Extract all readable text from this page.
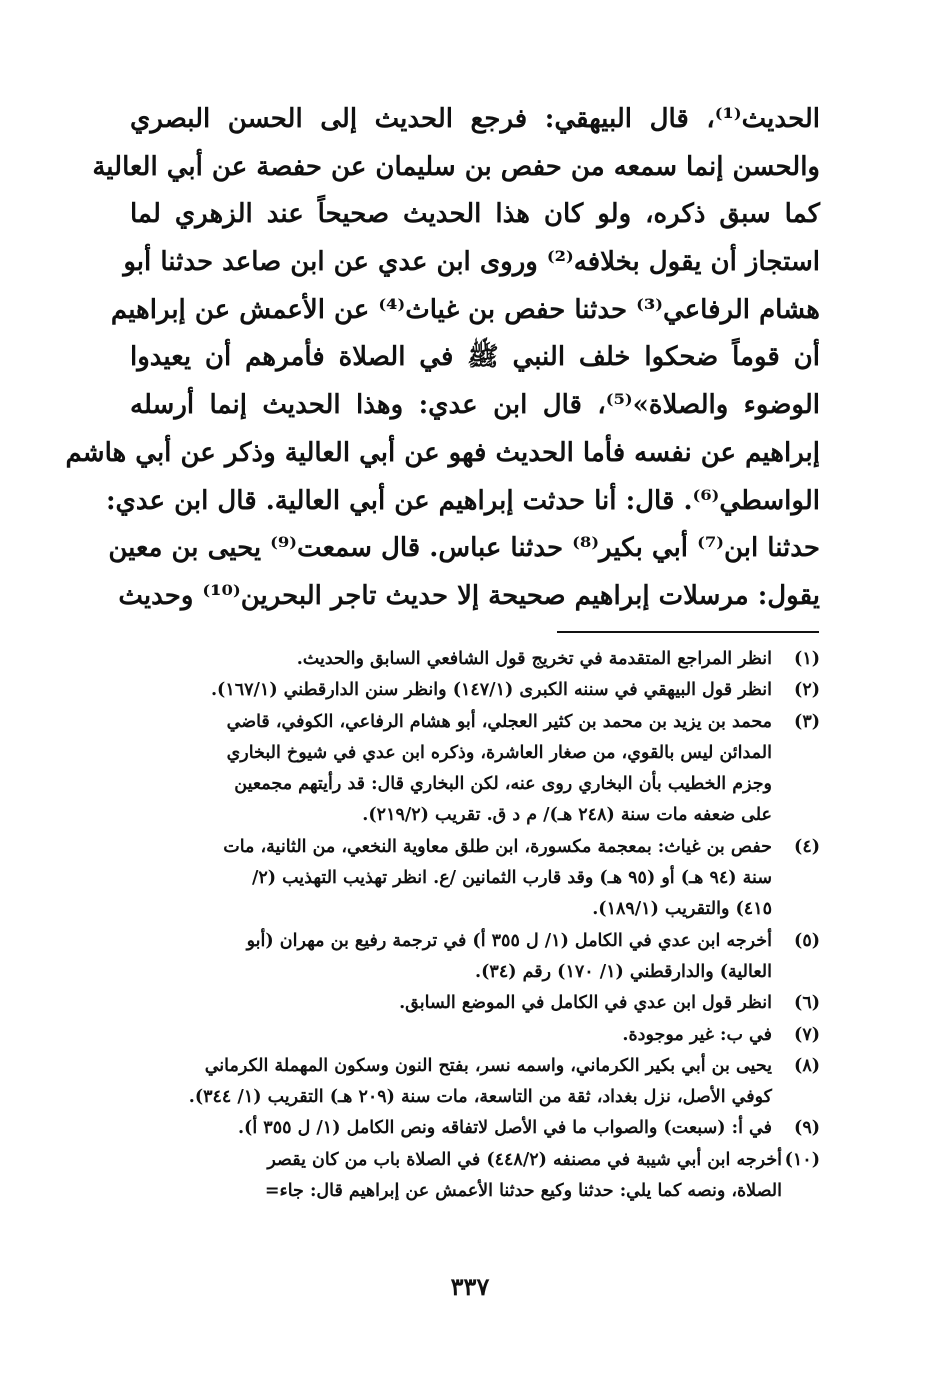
الحديث⁽¹⁾، قال البيهقي: فرجع الحديث إلى الحسن البصري
والحسن إنما سمعه من حفص بن سليمان عن حفصة عن أبي العالية
كما سبق ذكره، ولو كان هذا الحديث صحيحاً عند الزهري لما
استجاز أن يقول بخلافه⁽²⁾ وروى ابن عدي عن ابن صاعد حدثنا أبو
هشام الرفاعي⁽³⁾ حدثنا حفص بن غياث⁽⁴⁾ عن الأعمش عن إبراهيم
أن قوماً ضحكوا خلف النبي ﷺ في الصلاة فأمرهم أن يعيدوا
الوضوء والصلاة»⁽⁵⁾، قال ابن عدي: وهذا الحديث إنما أرسله
إبراهيم عن نفسه فأما الحديث فهو عن أبي العالية وذكر عن أبي هاشم
الواسطي⁽⁶⁾. قال: أنا حدثت إبراهيم عن أبي العالية. قال ابن عدي:
حدثنا ابن⁽⁷⁾ أبي بكير⁽⁸⁾ حدثنا عباس. قال سمعت⁽⁹⁾ يحيى بن معين
يقول: مرسلات إبراهيم صحيحة إلا حديث تاجر البحرين⁽¹⁰⁾ وحديث
(١)
انظر المراجع المتقدمة في تخريج قول الشافعي السابق والحديث.
(٢)
انظر قول البيهقي في سننه الكبرى (١٤٧/١) وانظر سنن الدارقطني (١٦٧/١).
(٣)
محمد بن يزيد بن محمد بن كثير العجلي، أبو هشام الرفاعي، الكوفي، قاضي
المدائن ليس بالقوي، من صغار العاشرة، وذكره ابن عدي في شيوخ البخاري
وجزم الخطيب بأن البخاري روى عنه، لكن البخاري قال: قد رأيتهم مجمعين
على ضعفه مات سنة (٢٤٨ هـ)/ م د ق. تقريب (٢١٩/٢).
(٤)
حفص بن غياث: بمعجمة مكسورة، ابن طلق معاوية النخعي، من الثانية، مات
سنة (٩٤ هـ) أو (٩٥ هـ) وقد قارب الثمانين /ع. انظر تهذيب التهذيب (٢/
٤١٥) والتقريب (١٨٩/١).
(٥)
أخرجه ابن عدي في الكامل (١/ ل ٣٥٥ أ) في ترجمة رفيع بن مهران (أبو
العالية) والدارقطني (١/ ١٧٠) رقم (٣٤).
(٦)
انظر قول ابن عدي في الكامل في الموضع السابق.
(٧)
في ب: غير موجودة.
(٨)
يحيى بن أبي بكير الكرماني، واسمه نسر، بفتح النون وسكون المهملة الكرماني
كوفي الأصل، نزل بغداد، ثقة من التاسعة، مات سنة (٢٠٩ هـ) التقريب (١/ ٣٤٤).
(٩)
في أ: (سبعت) والصواب ما في الأصل لاتفاقه ونص الكامل (١/ ل ٣٥٥ أ).
(١٠)
أخرجه ابن أبي شيبة في مصنفه (٤٤٨/٢) في الصلاة باب من كان يقصر
الصلاة، ونصه كما يلي: حدثنا وكيع حدثنا الأعمش عن إبراهيم قال: جاء=
٣٣٧
